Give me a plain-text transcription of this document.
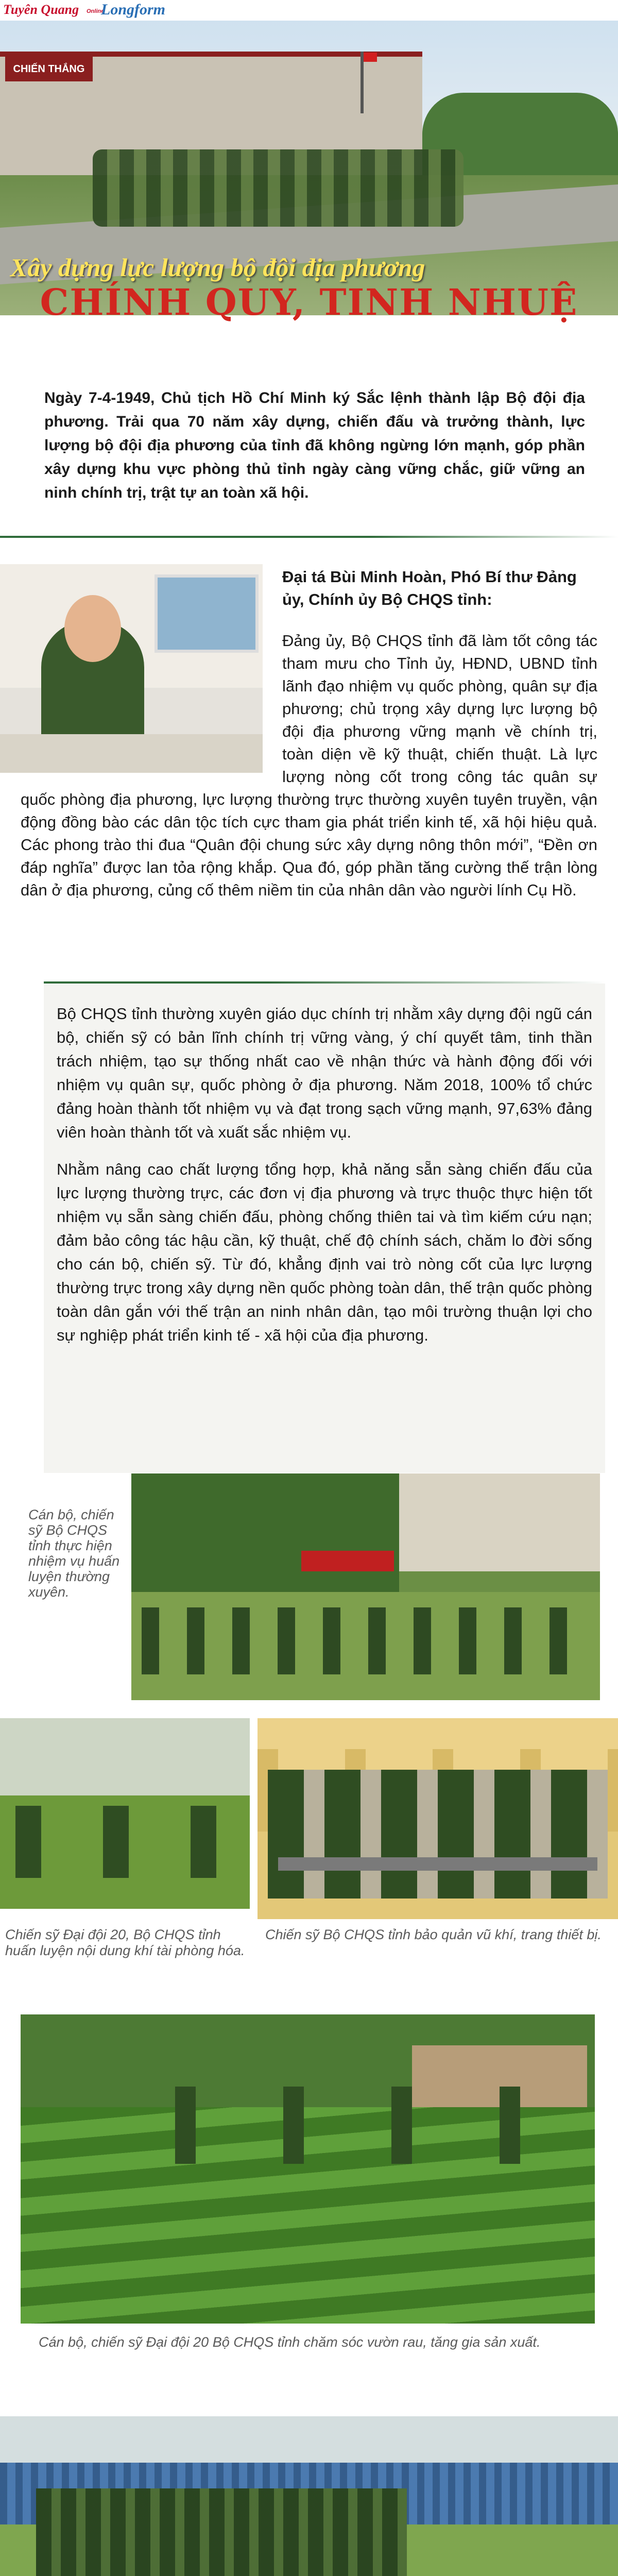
Tuyên Quang Online
Longform
CHIẾN THẮNG
Xây dựng lực lượng bộ đội địa phương
CHÍNH QUY, TINH NHUỆ
Ngày 7-4-1949, Chủ tịch Hồ Chí Minh ký Sắc lệnh thành lập Bộ đội địa phương. Trải qua 70 năm xây dựng, chiến đấu và trưởng thành, lực lượng bộ đội địa phương của tỉnh đã không ngừng lớn mạnh, góp phần xây dựng khu vực phòng thủ tỉnh ngày càng vững chắc, giữ vững an ninh chính trị, trật tự an toàn xã hội.
Đại tá Bùi Minh Hoàn, Phó Bí thư Đảng ủy, Chính ủy Bộ CHQS tỉnh:
Đảng ủy, Bộ CHQS tỉnh đã làm tốt công tác tham mưu cho Tỉnh ủy, HĐND, UBND tỉnh lãnh đạo nhiệm vụ quốc phòng, quân sự địa phương; chủ trọng xây dựng lực lượng bộ đội địa phương vững mạnh về chính trị, toàn diện về kỹ thuật, chiến thuật. Là lực lượng nòng cốt trong công tác quân sự quốc phòng địa phương, lực lượng thường trực thường xuyên tuyên truyền, vận động đồng bào các dân tộc tích cực tham gia phát triển kinh tế, xã hội hiệu quả. Các phong trào thi đua “Quân đội chung sức xây dựng nông thôn mới”, “Đền ơn đáp nghĩa” được lan tỏa rộng khắp. Qua đó, góp phần tăng cường thế trận lòng dân ở địa phương, củng cố thêm niềm tin của nhân dân vào người lính Cụ Hồ.

Bộ CHQS tỉnh thường xuyên giáo dục chính trị nhằm xây dựng đội ngũ cán bộ, chiến sỹ có bản lĩnh chính trị vững vàng, ý chí quyết tâm, tinh thần trách nhiệm, tạo sự thống nhất cao về nhận thức và hành động đối với nhiệm vụ quân sự, quốc phòng ở địa phương. Năm 2018, 100% tổ chức đảng hoàn thành tốt nhiệm vụ và đạt trong sạch vững mạnh, 97,63% đảng viên hoàn thành tốt và xuất sắc nhiệm vụ.

Nhằm nâng cao chất lượng tổng hợp, khả năng sẵn sàng chiến đấu của lực lượng thường trực, các đơn vị địa phương và trực thuộc thực hiện tốt nhiệm vụ sẵn sàng chiến đấu, phòng chống thiên tai và tìm kiếm cứu nạn; đảm bảo công tác hậu cần, kỹ thuật, chế độ chính sách, chăm lo đời sống cho cán bộ, chiến sỹ. Từ đó, khẳng định vai trò nòng cốt của lực lượng thường trực trong xây dựng nền quốc phòng toàn dân, thế trận quốc phòng toàn dân gắn với thế trận an ninh nhân dân, tạo môi trường thuận lợi cho sự nghiệp phát triển kinh tế - xã hội của địa phương.

Cán bộ, chiến sỹ Bộ CHQS tỉnh thực hiện nhiệm vụ huấn luyện thường xuyên.
Chiến sỹ Đại đội 20, Bộ CHQS tỉnh huấn luyện nội dung khí tài phòng hóa.
Chiến sỹ Bộ CHQS tỉnh bảo quản vũ khí, trang thiết bị.
Cán bộ, chiến sỹ Đại đội 20 Bộ CHQS tỉnh chăm sóc vườn rau, tăng gia sản xuất.
